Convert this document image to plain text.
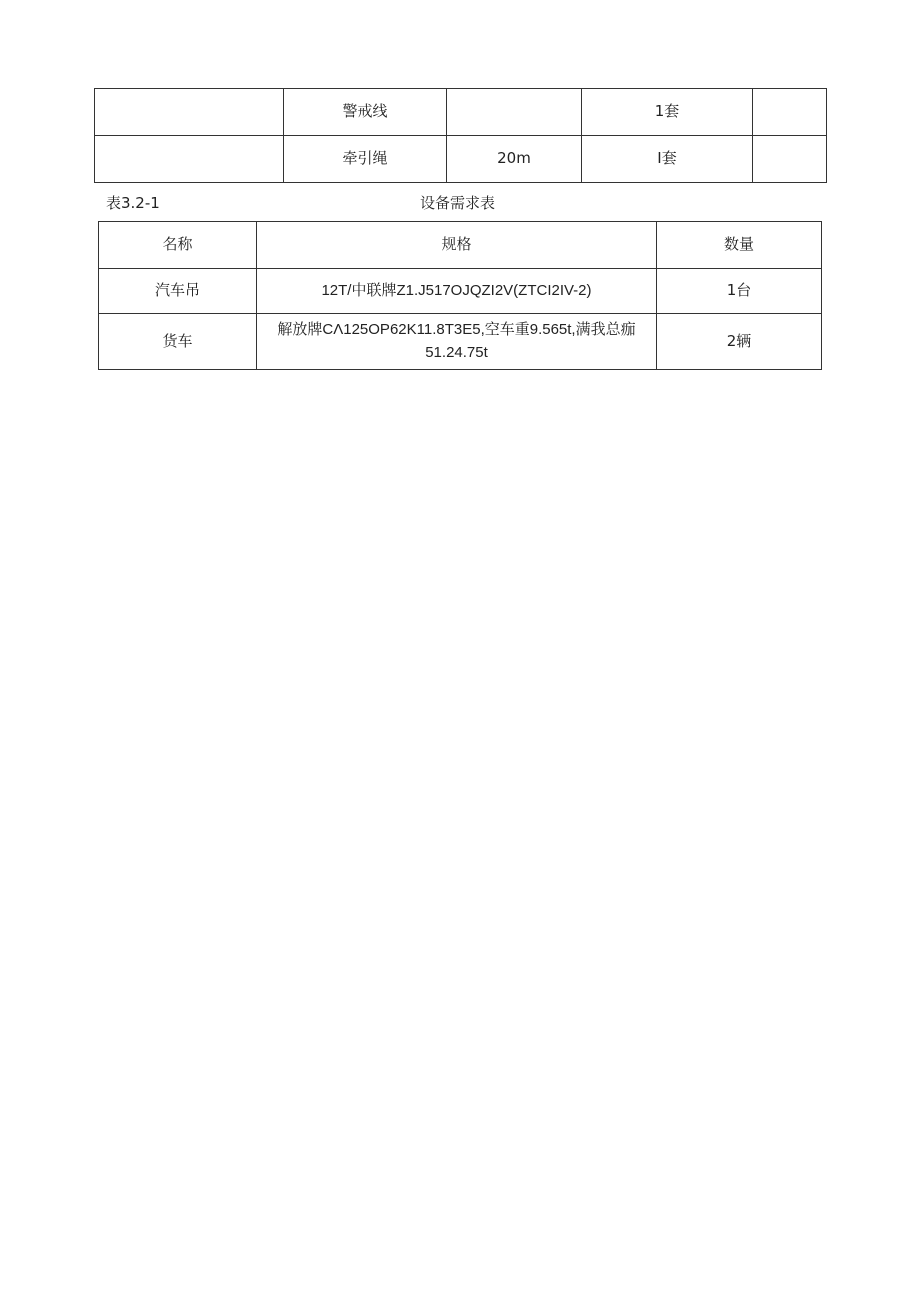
	警戒线		1套	
	牵引绳	20m	I套	
表3.2-1	设备需求表
名称	规格	数量
汽车吊	12T/中联牌Z1.J517OJQZI2V(ZTCI2IV-2)	1台
货车	解放牌CΛ125OP62K11.8T3E5,空车重9.565t,满我总痂
51.24.75t	2辆
